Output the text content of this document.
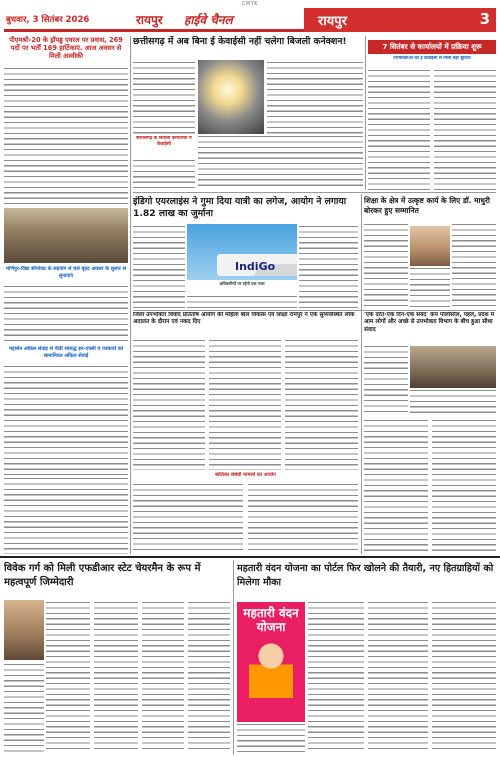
CMYK
बुधवार, 3 सितंबर 2026	रायपुर हाईवे चैनल	रायपुर	3
पीएमश्री-20 के ड्रॉपड्ड एवरल पर प्रवास, 269 पदों पर भर्ती 169 हार्टिकाएं. आज अवसर से मिली अस्वीकी
मणिपुर-विद्या सीपरेक्ट के सहयोग से चले बृहद अवसर के सुसार से सुनावाएं
महासेन अफ़िल सेवाइ से पीडी सांसद्ध इन-एक्सी व पत्रकारों को सामानियत अफ़िल सेवाई
छत्तीसगढ़ में अब बिना ई केवाईसी नहीं चलेगा बिजली कनेक्शन!
छत्तीसगढ़ के बिजली कार्यालयों में केवाईसी
7 सितंबर से कार्यालयों में प्रक्रिया शुरू
उपभोक्ताओं को ई केवाईसी से मिली बड़ी सुविधा
इंडिगो एयरलाइंस ने गुमा दिया यात्री का लगेज, आयोग ने लगाया 1.82 लाख का जुर्माना
IndiGo
अधिकारियों पर रहेगी एक नजर
शिक्षा के क्षेत्र में उत्कृष्ट कार्य के लिए डॉ. माधुरी बोरकर हुए सम्मानित
जिला उपभोक्ता विवाद प्रतितोष आयोग की महिला बाल विकास एवं शिक्षा रामपुर ने एक सुव्यवस्थित लोक अदालत के दौरान एवं नकद दिए
'एक दरेंत-एक दिन-एक संवद' कंप पोलोसॉल, पहल, प्रदेश में आम लोगों और अच्छे से उपभोक्ता विभाग के बीच हुआ सीधा संवाद
बालिका संबंधी मामलों का आयोग
विवेक गर्ग को मिली एफडीआर स्टेट चेयरमैन के रूप में महत्वपूर्ण जिम्मेदारी
महतारी वंदन योजना का पोर्टल फिर खोलने की तैयारी, नए हितग्राहियों को मिलेगा मौका
महतारी वंदन योजना
